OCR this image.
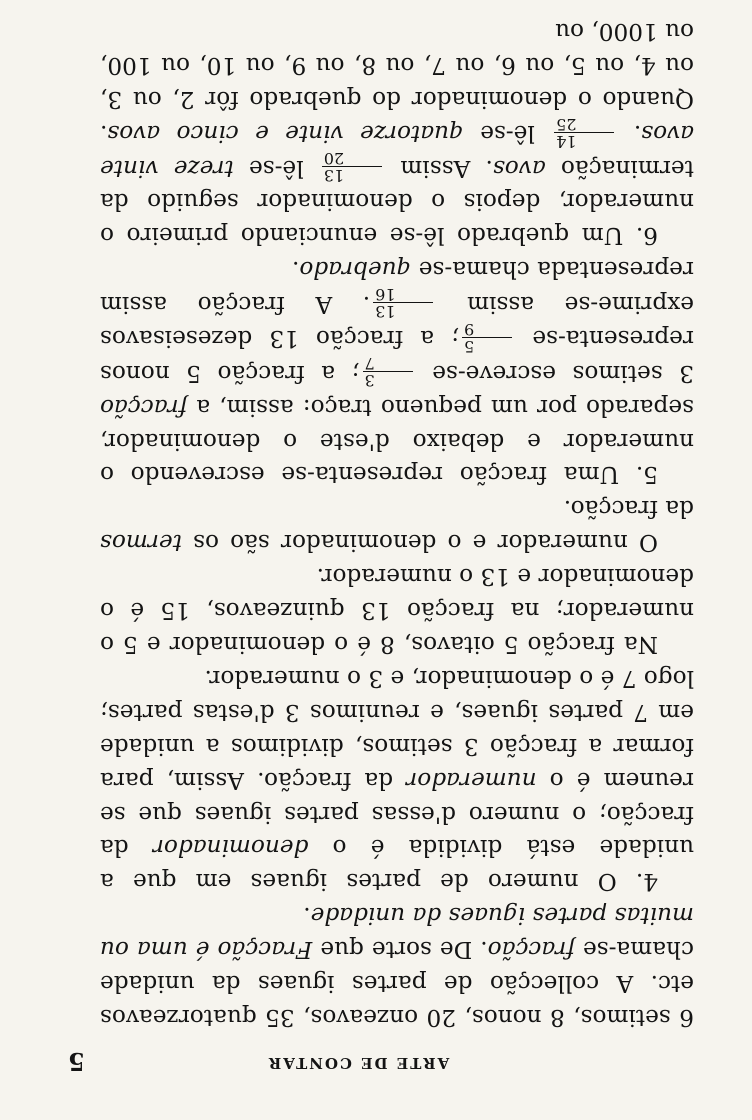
ARTE DE CONTAR
5

6 setimos, 8 nonos, 20 onzeavos, 35 quatorzeavos etc. A collecção de partes iguaes da unidade chama-se fracção. De sorte que Fracção é uma ou muitas partes iguaes da unidade.

4. O numero de partes iguaes em que a unidade está dividida é o denominador da fracção; o numero d'essas partes iguaes que se reunem é o numerador da fracção. Assim, para formar a fracção 3 setimos, dividimos a unidade em 7 partes iguaes, e reunimos 3 d'estas partes; logo 7 é o denominador, e 3 o numerador.

Na fracção 5 oitavos, 8 é o denominador e 5 o numerador; na fracção 13 quinzeavos, 15 é o denominador e 13 o numerador.

O numerador e o denominador são os termos da fracção.

5. Uma fracção representa-se escrevendo o numerador e debaixo d'este o denominador, separado por um pequeno traço: assim, a fracção 3 setimos escreve-se
3
7
; a fracção 5 nonos representa-se
5
9
; a fracção 13 dezeseisavos exprime-se assim
13
16
. A fracção assim representada chama-se quebrado.

6. Um quebrado lê-se enunciando primeiro o numerador, depois o denominador seguido da terminação avos. Assim
13
20
lê-se treze vinte avos.
14
25
lê-se quatorze vinte e cinco avos. Quando o denominador do quebrado fôr 2, ou 3, ou 4, ou 5, ou 6, ou 7, ou 8, ou 9, ou 10, ou 100, ou 1000, ou
